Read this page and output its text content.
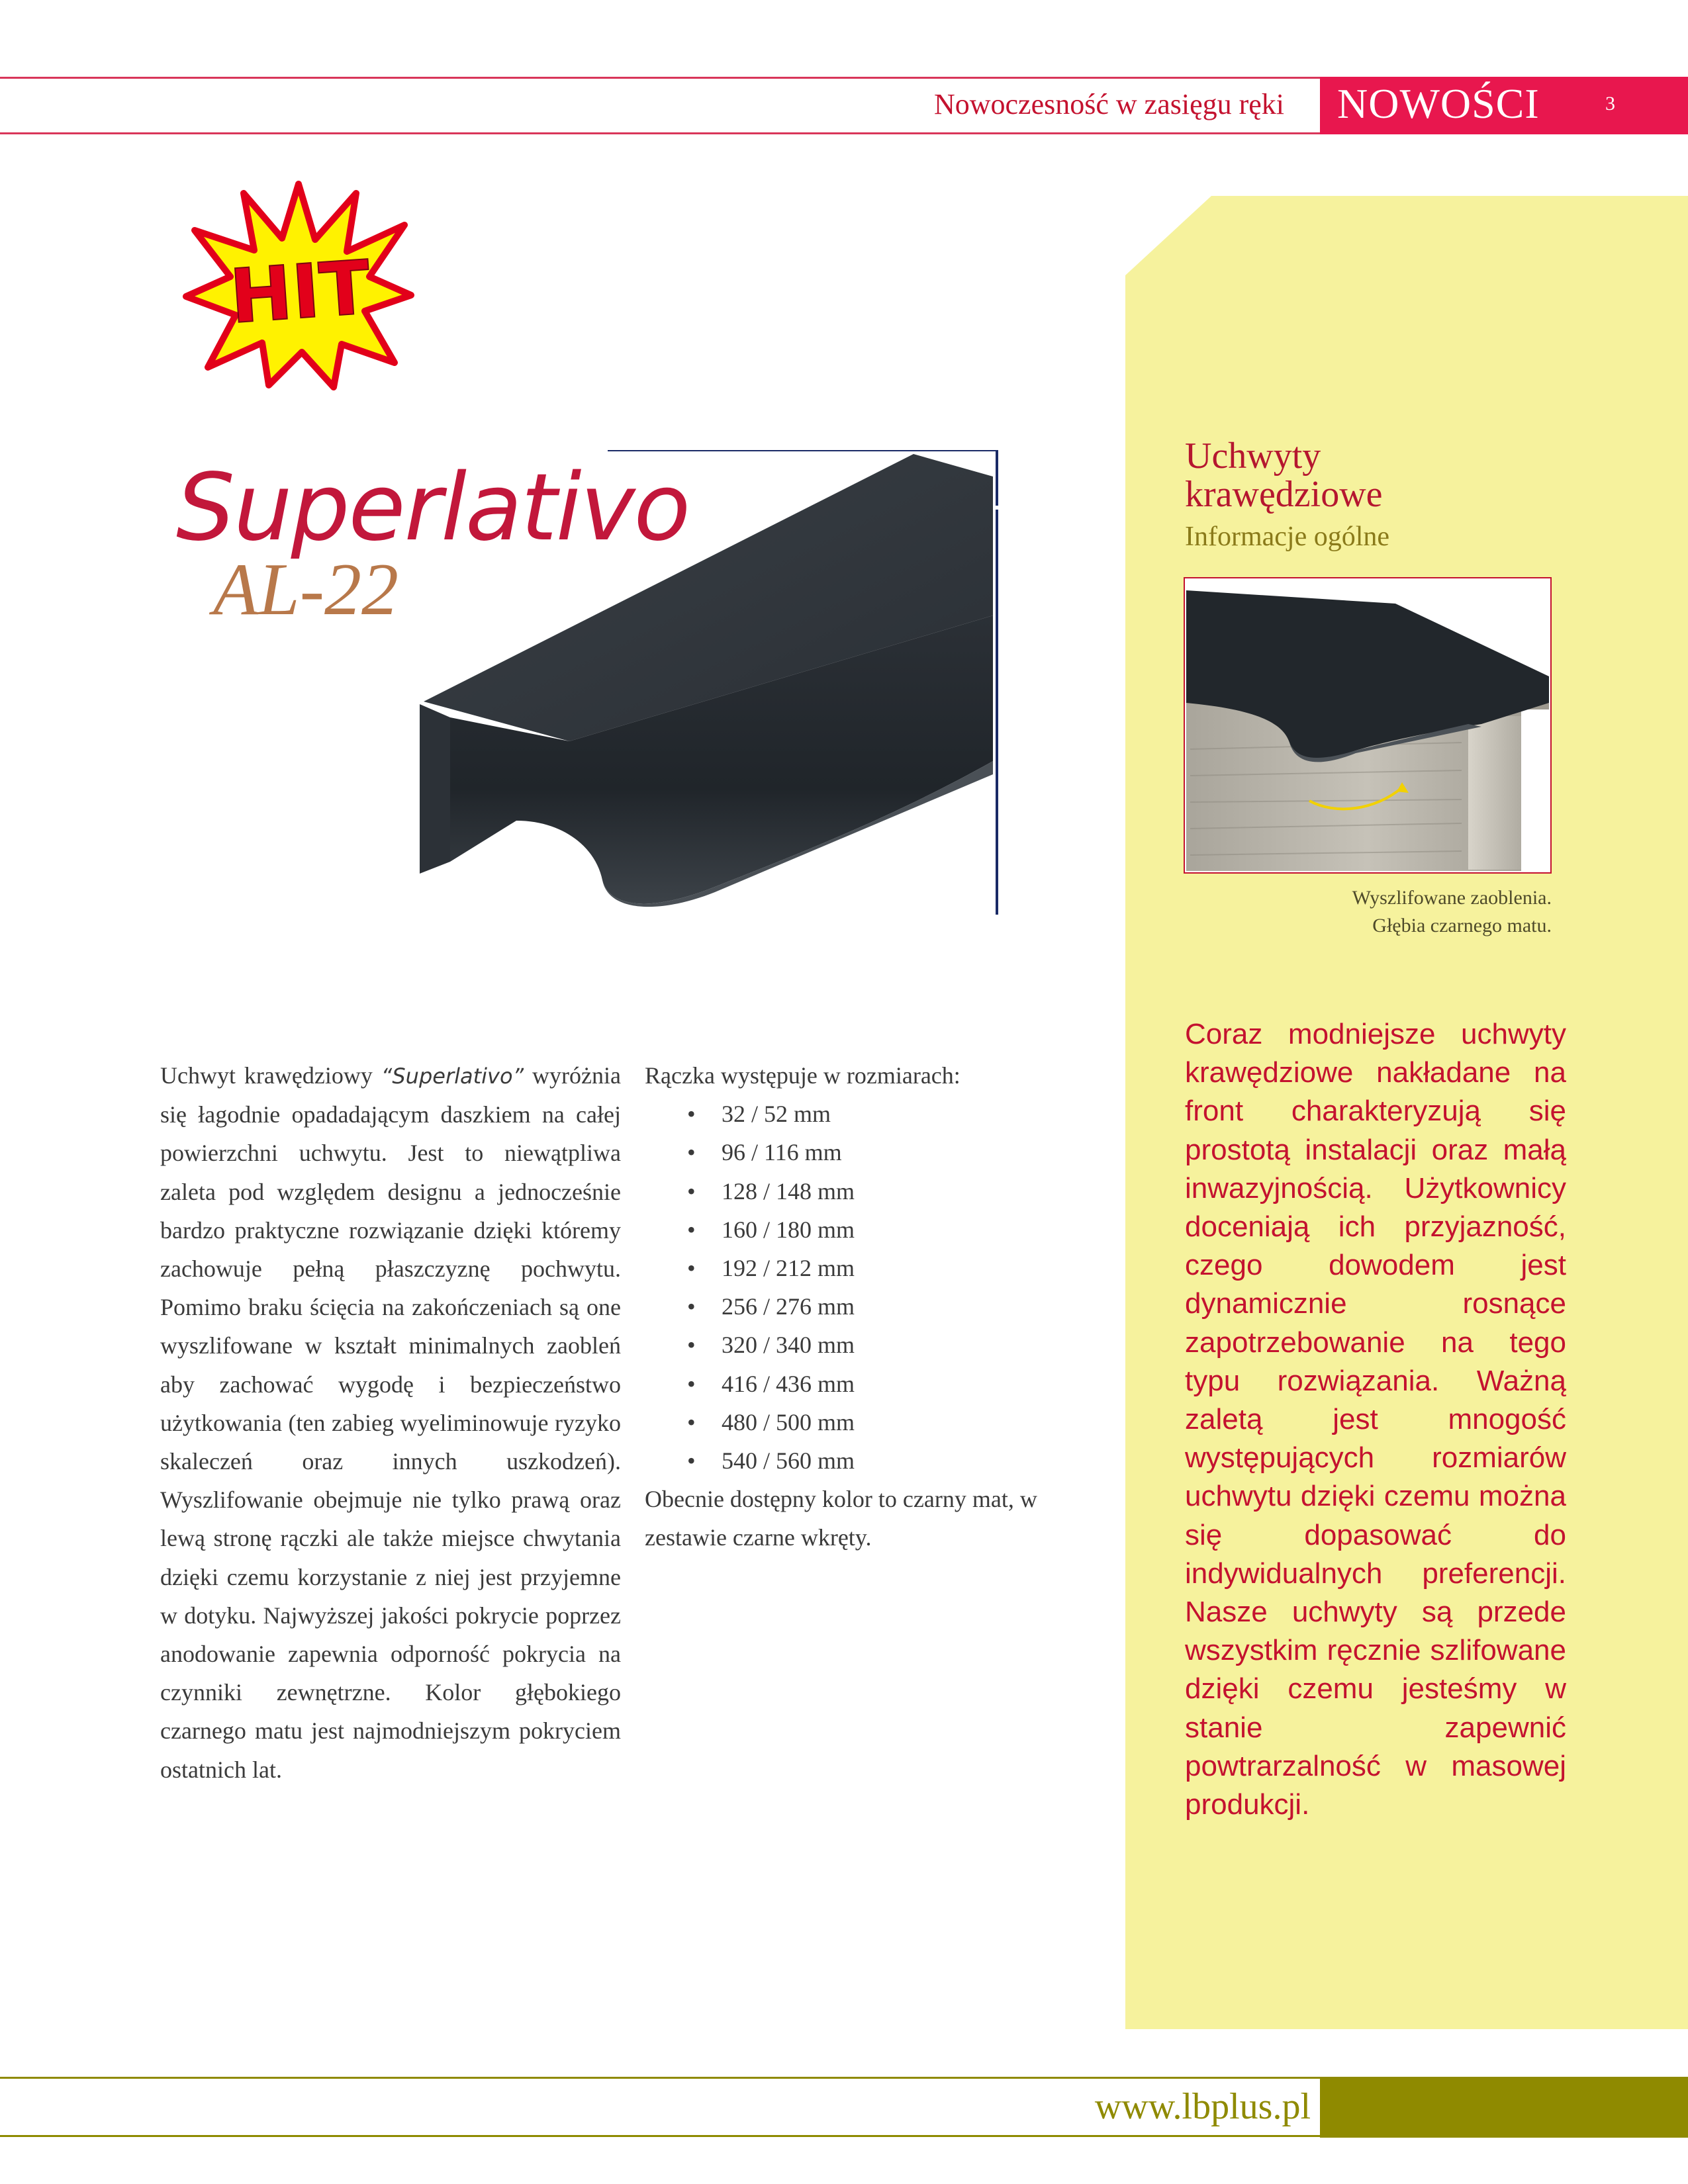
Nowoczesność w zasięgu ręki NOWOŚCI	3
HIT
Superlativo
AL-22
Uchwyty
krawędziowe
Informacje ogólne
Wyszlifowane zaoblenia.
Głębia czarnego matu.

Uchwyt krawędziowy “Superlativo” wyróżnia się łagodnie opadadającym daszkiem na całej powierzchni uchwytu. Jest to niewątpliwa zaleta pod względem designu a jednocześnie bardzo praktyczne rozwiązanie dzięki któremy zachowuje pełną płaszczyznę pochwytu. Pomimo braku ścięcia na zakończeniach są one wyszlifowane w kształt minimalnych zaobleń aby zachować wygodę i bezpieczeństwo użytkowania (ten zabieg wyeliminowuje ryzyko skaleczeń oraz innych uszkodzeń). Wyszlifowanie obejmuje nie tylko prawą oraz lewą stronę rączki ale także miejsce chwytania dzięki czemu korzystanie z niej jest przyjemne w dotyku. Najwyższej jakości pokrycie poprzez anodowanie zapewnia odporność pokrycia na czynniki zewnętrzne. Kolor głębokiego czarnego matu jest najmodniejszym pokryciem ostatnich lat.

Rączka występuje w rozmiarach:

• 32 / 52 mm
• 96 / 116 mm
• 128 / 148 mm
• 160 / 180 mm
• 192 / 212 mm
• 256 / 276 mm
• 320 / 340 mm
• 416 / 436 mm
• 480 / 500 mm
• 540 / 560 mm

Obecnie dostępny kolor to czarny mat, w zestawie czarne wkręty.

Coraz modniejsze uchwyty krawędziowe nakładane na front charakteryzują się prostotą instalacji oraz małą inwazyjnością. Użytkownicy doceniają ich przyjazność, czego dowodem jest dynamicznie rosnące zapotrzebowanie na tego typu rozwiązania. Ważną zaletą jest mnogość występujących rozmiarów uchwytu dzięki czemu można się dopasować do indywidualnych preferencji. Nasze uchwyty są przede wszystkim ręcznie szlifowane dzięki czemu jesteśmy w stanie zapewnić powtrarzalność w masowej produkcji.

www.lbplus.pl
